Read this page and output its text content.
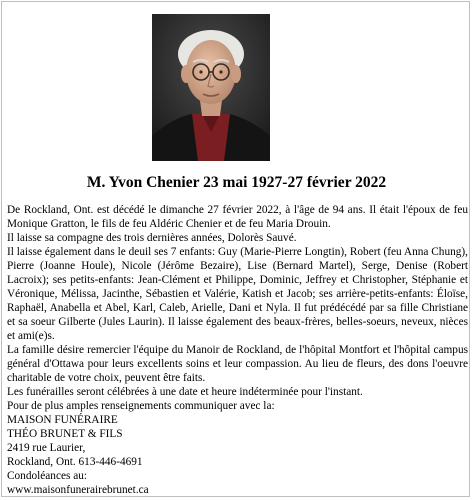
M. Yvon Chenier 23 mai 1927-27 février 2022

De Rockland, Ont. est décédé le dimanche 27 février 2022, à l'âge de 94 ans. Il était l'époux de feu Monique Gratton, le fils de feu Aldéric Chenier et de feu Maria Drouin.

Il laisse sa compagne des trois dernières années, Dolorès Sauvé.

Il laisse également dans le deuil ses 7 enfants: Guy (Marie-Pierre Longtin), Robert (feu Anna Chung), Pierre (Joanne Houle), Nicole (Jérôme Bezaire), Lise (Bernard Martel), Serge, Denise (Robert Lacroix); ses petits-enfants: Jean-Clément et Philippe, Dominic, Jeffrey et Christopher, Stéphanie et Véronique, Mélissa, Jacinthe, Sébastien et Valérie, Katish et Jacob; ses arrière-petits-enfants: Éloïse, Raphaël, Anabella et Abel, Karl, Caleb, Arielle, Dani et Nyla. Il fut prédécédé par sa fille Christiane et sa soeur Gilberte (Jules Laurin). Il laisse également des beaux-frères, belles-soeurs, neveux, nièces et ami(e)s.

La famille désire remercier l'équipe du Manoir de Rockland, de l'hôpital Montfort et l'hôpital campus général d'Ottawa pour leurs excellents soins et leur compassion. Au lieu de fleurs, des dons l'oeuvre charitable de votre choix, peuvent être faits.

Les funérailles seront célébrées à une date et heure indéterminée pour l'instant.

Pour de plus amples renseignements communiquer avec la:

MAISON FUNÉRAIRE

THÉO BRUNET & FILS

2419 rue Laurier,

Rockland, Ont. 613-446-4691

Condoléances au:

www.maisonfunerairebrunet.ca
